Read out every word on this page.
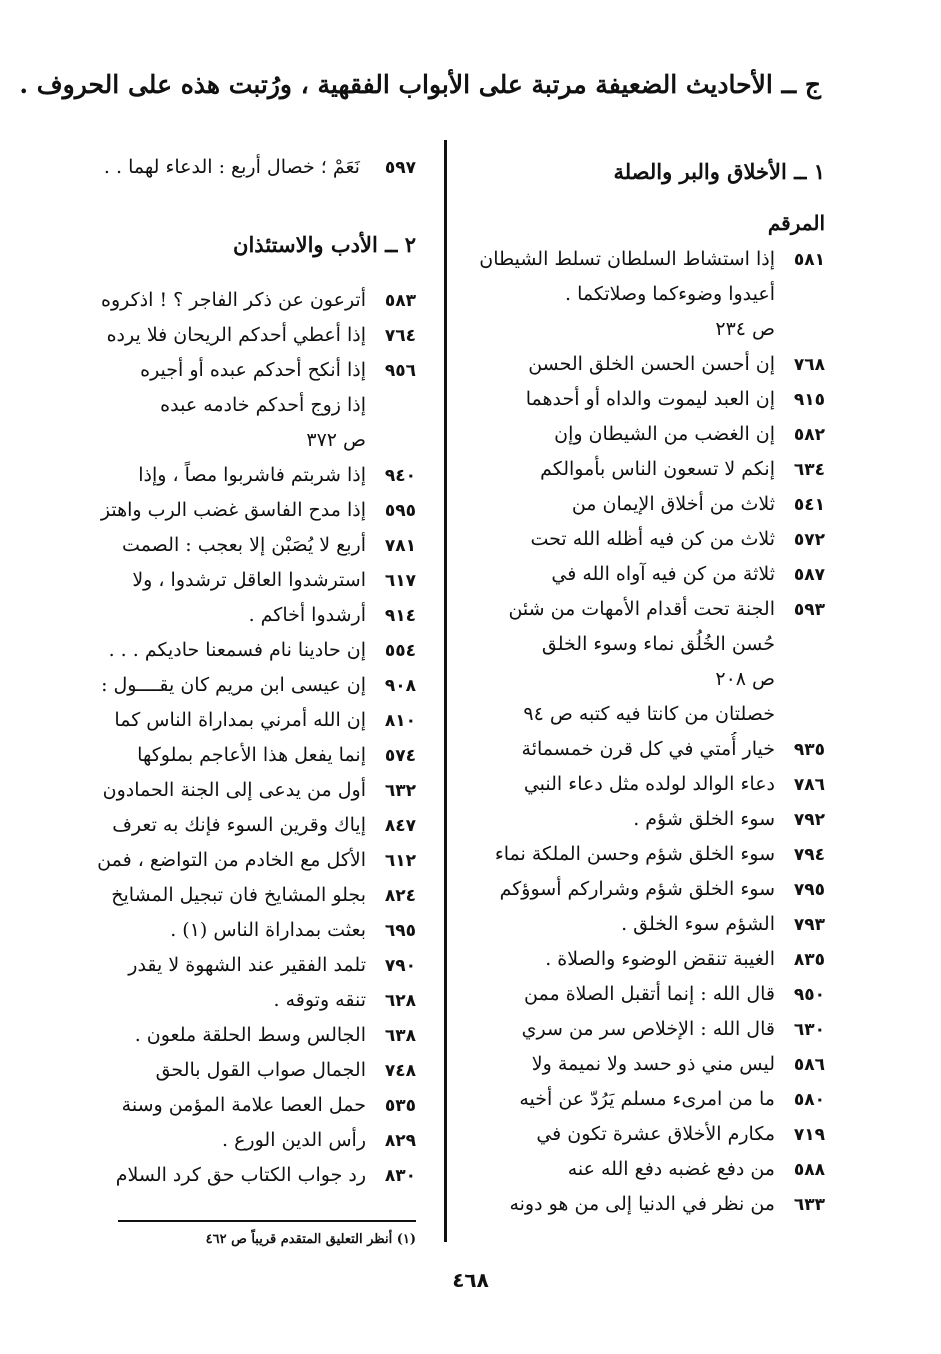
ج ــ الأحاديث الضعيفة مرتبة على الأبواب الفقهية ، ورُتبت هذه على الحروف .
١ ــ الأخلاق والبر والصلة
المرقم
٥٨١إذا استشاط السلطان تسلط الشيطان
أعيدوا وضوءكما وصلاتكما .
ص ٢٣٤
٧٦٨إن أحسن الحسن الخلق الحسن
٩١٥إن العبد ليموت والداه أو أحدهما
٥٨٢إن الغضب من الشيطان وإن
٦٣٤إنكم لا تسعون الناس بأموالكم
٥٤١ثلاث من أخلاق الإيمان من
٥٧٢ثلاث من كن فيه أظله الله تحت
٥٨٧ثلاثة من كن فيه آواه الله في
٥٩٣الجنة تحت أقدام الأمهات من شئن
حُسن الخُلُق نماء وسوء الخلق
ص ٢٠٨
خصلتان من كانتا فيه كتبه ص ٩٤
٩٣٥خيار أُمتي في كل قرن خمسمائة
٧٨٦دعاء الوالد لولده مثل دعاء النبي
٧٩٢سوء الخلق شؤم .
٧٩٤سوء الخلق شؤم وحسن الملكة نماء
٧٩٥سوء الخلق شؤم وشراركم أسوؤكم
٧٩٣الشؤم سوء الخلق .
٨٣٥الغيبة تنقض الوضوء والصلاة .
٩٥٠قال الله : إنما أتقبل الصلاة ممن
٦٣٠قال الله : الإخلاص سر من سري
٥٨٦ليس مني ذو حسد ولا نميمة ولا
٥٨٠ما من امرىء مسلم يَرُدّ عن أخيه
٧١٩مكارم الأخلاق عشرة تكون في
٥٨٨من دفع غضبه دفع الله عنه
٦٣٣من نظر في الدنيا إلى من هو دونه
٥٩٧ نَعَمْ ؛ خصال أربع : الدعاء لهما . .
٢ ــ الأدب والاستئذان
٥٨٣أترعون عن ذكر الفاجر ؟ ! اذكروه
٧٦٤إذا أعطي أحدكم الريحان فلا يرده
٩٥٦إذا أنكح أحدكم عبده أو أجيره
إذا زوج أحدكم خادمه عبده
ص ٣٧٢
٩٤٠إذا شربتم فاشربوا مصاً ، وإذا
٥٩٥إذا مدح الفاسق غضب الرب واهتز
٧٨١أربع لا يُصَبْن إلا بعجب : الصمت
٦١٧استرشدوا العاقل ترشدوا ، ولا
٩١٤أرشدوا أخاكم .
٥٥٤إن حادينا نام فسمعنا حاديكم . . .
٩٠٨إن عيسى ابن مريم كان يقــــول :
٨١٠إن الله أمرني بمداراة الناس كما
٥٧٤إنما يفعل هذا الأعاجم بملوكها
٦٣٢أول من يدعى إلى الجنة الحمادون
٨٤٧إياك وقرين السوء فإنك به تعرف
٦١٢الأكل مع الخادم من التواضع ، فمن
٨٢٤بجلو المشايخ فان تبجيل المشايخ
٦٩٥بعثت بمداراة الناس (١) .
٧٩٠تلمد الفقير عند الشهوة لا يقدر
٦٢٨تنقه وتوقه .
٦٣٨الجالس وسط الحلقة ملعون .
٧٤٨الجمال صواب القول بالحق
٥٣٥حمل العصا علامة المؤمن وسنة
٨٢٩رأس الدين الورع .
٨٣٠رد جواب الكتاب حق كرد السلام
(١) أنظر التعليق المتقدم قريباً ص ٤٦٢
٤٦٨
